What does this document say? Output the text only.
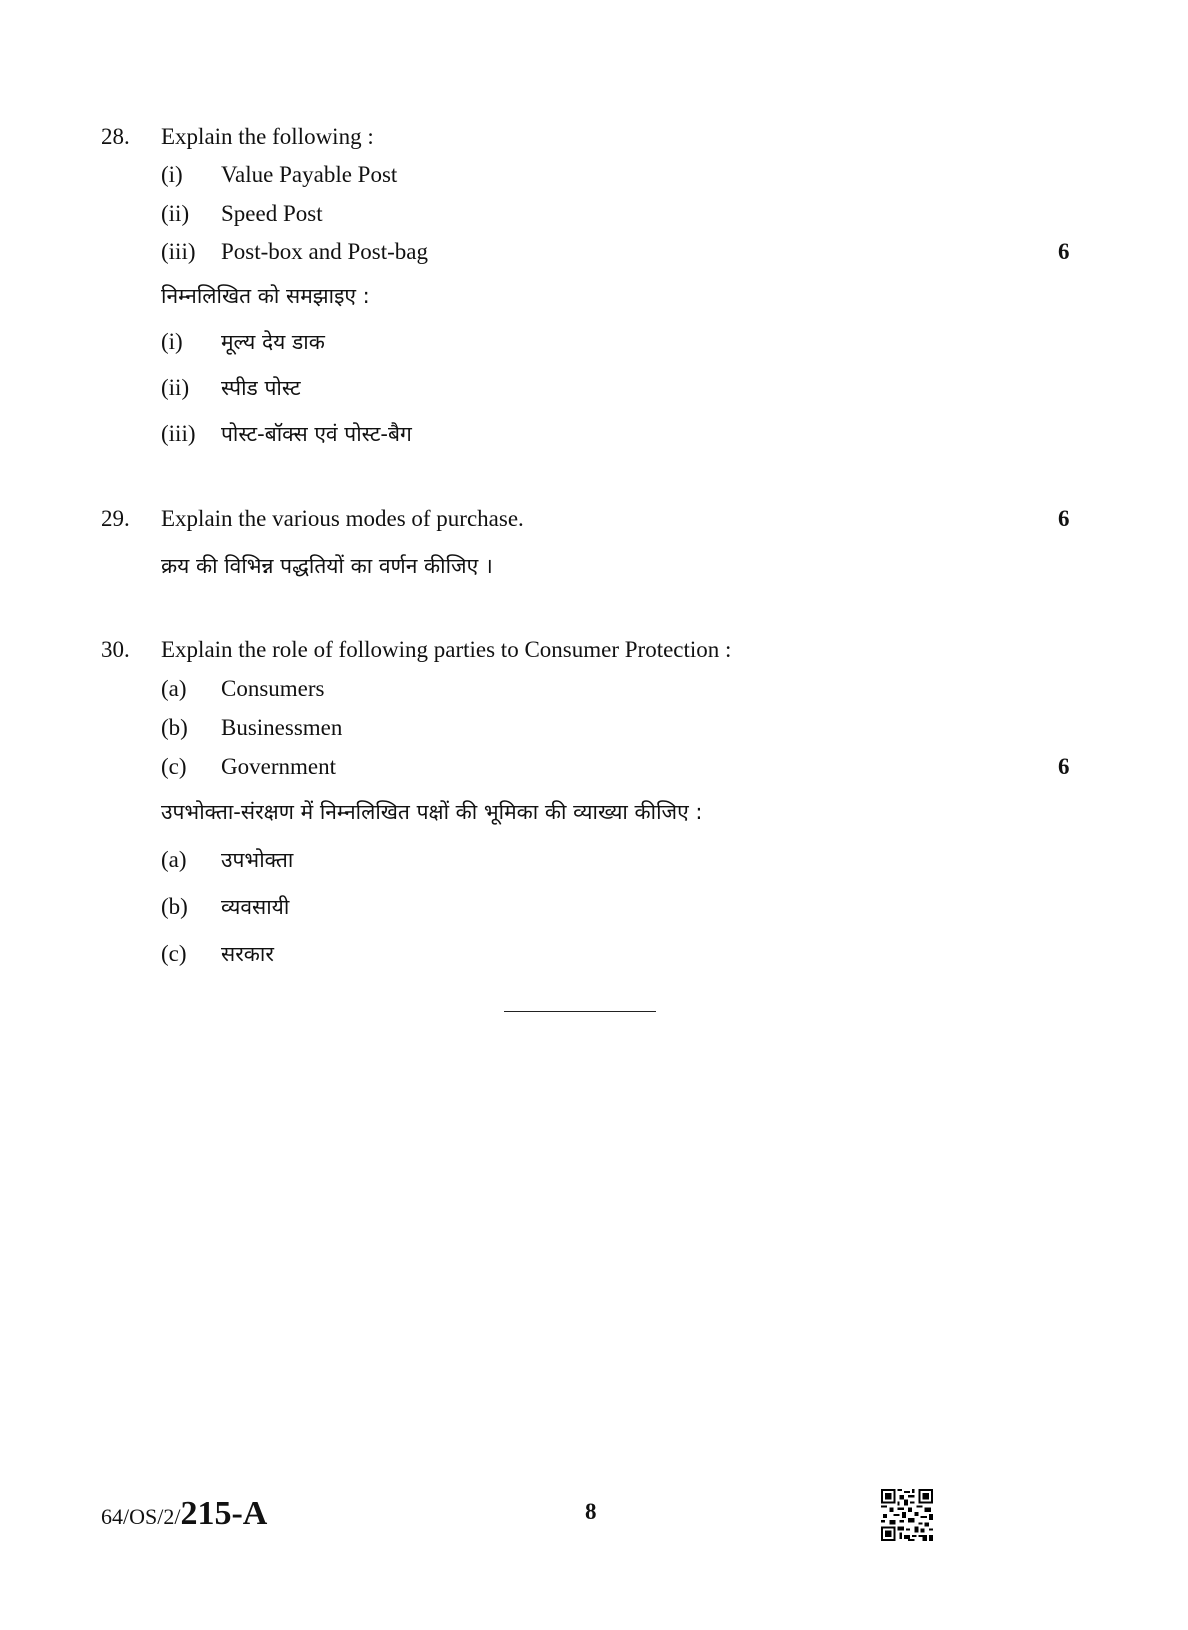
28. Explain the following :
(i) Value Payable Post
(ii) Speed Post
(iii) Post-box and Post-bag	6
निम्नलिखित को समझाइए :
(i) मूल्य देय डाक
(ii) स्पीड पोस्ट
(iii) पोस्ट-बॉक्स एवं पोस्ट-बैग
29. Explain the various modes of purchase.	6
क्रय की विभिन्न पद्धतियों का वर्णन कीजिए ।
30. Explain the role of following parties to Consumer Protection :
(a) Consumers
(b) Businessmen
(c) Government	6
उपभोक्ता-संरक्षण में निम्नलिखित पक्षों की भूमिका की व्याख्या कीजिए :
(a) उपभोक्ता
(b) व्यवसायी
(c) सरकार
64/OS/2/215-A	8
